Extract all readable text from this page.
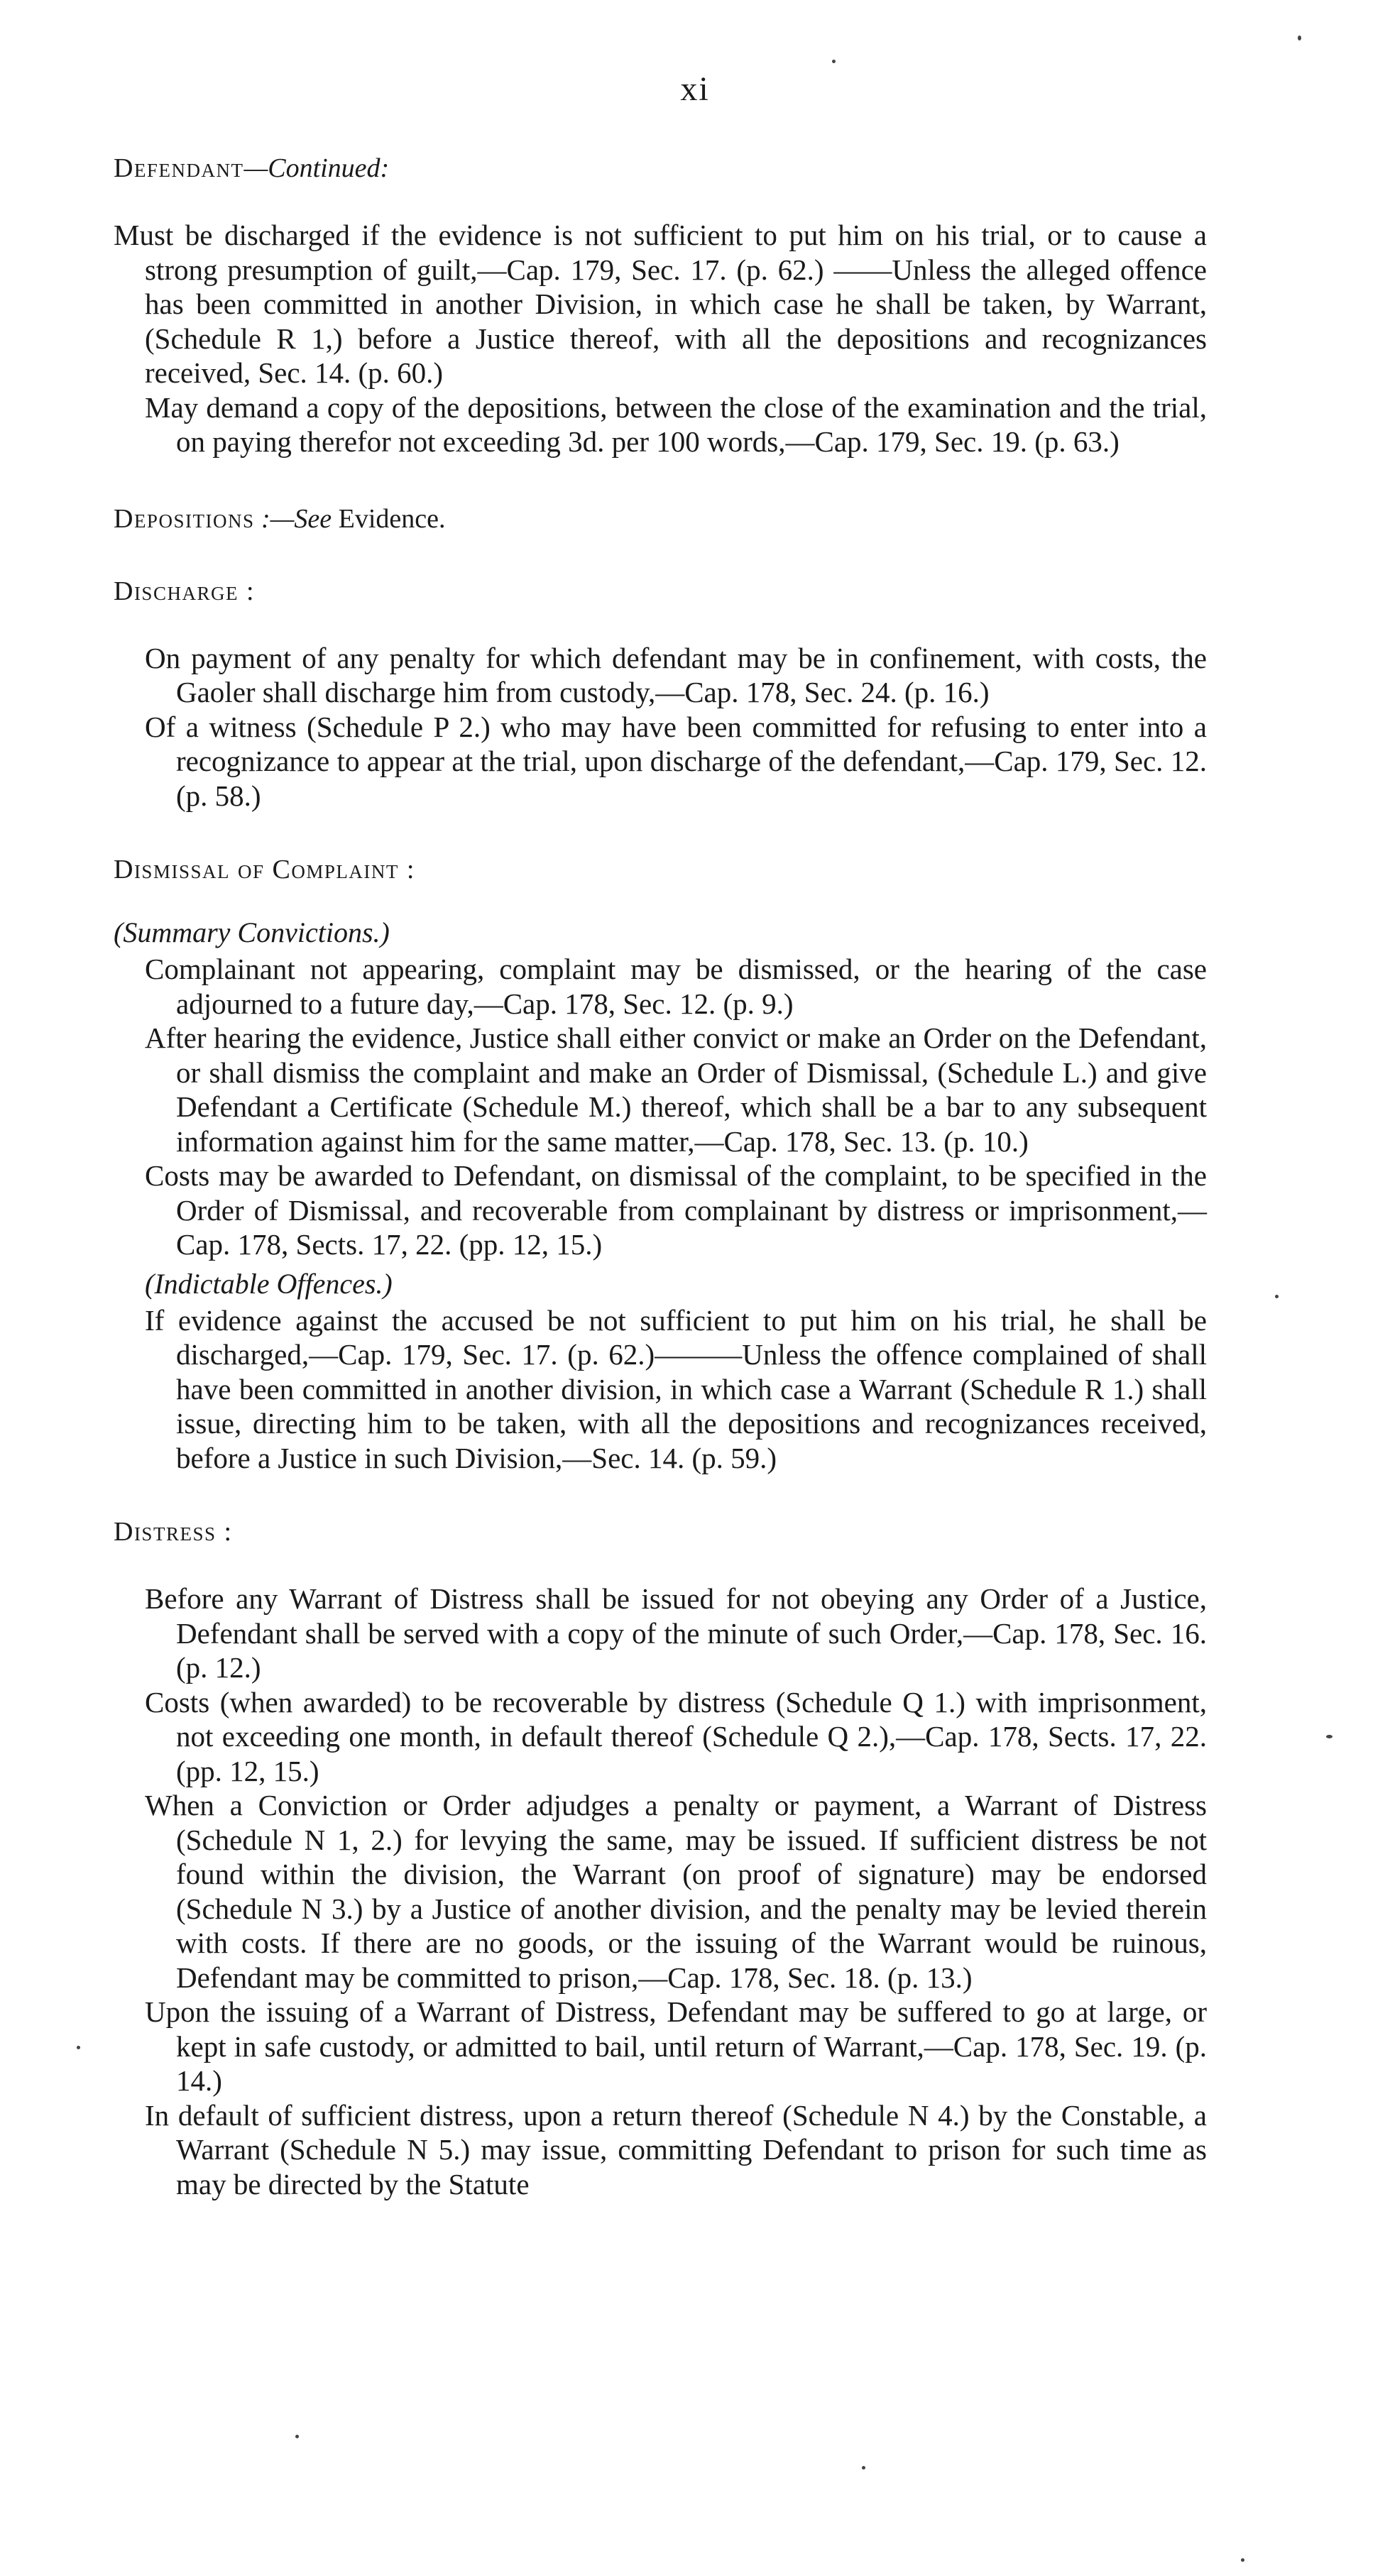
xi
Defendant—Continued:

Must be discharged if the evidence is not sufficient to put him on his trial, or to cause a strong presumption of guilt,—Cap. 179, Sec. 17. (p. 62.) ——Unless the alleged offence has been committed in another Division, in which case he shall be taken, by Warrant, (Schedule R 1,) before a Justice thereof, with all the depositions and recognizances received, Sec. 14. (p. 60.)

May demand a copy of the depositions, between the close of the examination and the trial, on paying therefor not exceeding 3d. per 100 words,—Cap. 179, Sec. 19. (p. 63.)

Depositions :—See Evidence.
Discharge :

On payment of any penalty for which defendant may be in confinement, with costs, the Gaoler shall discharge him from custody,—Cap. 178, Sec. 24. (p. 16.)

Of a witness (Schedule P 2.) who may have been committed for refusing to enter into a recognizance to appear at the trial, upon discharge of the defendant,—Cap. 179, Sec. 12. (p. 58.)

Dismissal of Complaint :
(Summary Convictions.)

Complainant not appearing, complaint may be dismissed, or the hearing of the case adjourned to a future day,—Cap. 178, Sec. 12. (p. 9.)

After hearing the evidence, Justice shall either convict or make an Order on the Defendant, or shall dismiss the complaint and make an Order of Dismissal, (Schedule L.) and give Defendant a Certificate (Schedule M.) thereof, which shall be a bar to any subsequent information against him for the same matter,—Cap. 178, Sec. 13. (p. 10.)

Costs may be awarded to Defendant, on dismissal of the complaint, to be specified in the Order of Dismissal, and recoverable from complainant by distress or imprisonment,—Cap. 178, Sects. 17, 22. (pp. 12, 15.)

(Indictable Offences.)

If evidence against the accused be not sufficient to put him on his trial, he shall be discharged,—Cap. 179, Sec. 17. (p. 62.)———Unless the offence complained of shall have been committed in another division, in which case a Warrant (Schedule R 1.) shall issue, directing him to be taken, with all the depositions and recognizances received, before a Justice in such Division,—Sec. 14. (p. 59.)

Distress :

Before any Warrant of Distress shall be issued for not obeying any Order of a Justice, Defendant shall be served with a copy of the minute of such Order,—Cap. 178, Sec. 16. (p. 12.)

Costs (when awarded) to be recoverable by distress (Schedule Q 1.) with imprisonment, not exceeding one month, in default thereof (Schedule Q 2.),—Cap. 178, Sects. 17, 22. (pp. 12, 15.)

When a Conviction or Order adjudges a penalty or payment, a Warrant of Distress (Schedule N 1, 2.) for levying the same, may be issued. If sufficient distress be not found within the division, the Warrant (on proof of signature) may be endorsed (Schedule N 3.) by a Justice of another division, and the penalty may be levied therein with costs. If there are no goods, or the issuing of the Warrant would be ruinous, Defendant may be committed to prison,—Cap. 178, Sec. 18. (p. 13.)

Upon the issuing of a Warrant of Distress, Defendant may be suffered to go at large, or kept in safe custody, or admitted to bail, until return of Warrant,—Cap. 178, Sec. 19. (p. 14.)

In default of sufficient distress, upon a return thereof (Schedule N 4.) by the Constable, a Warrant (Schedule N 5.) may issue, committing Defendant to prison for such time as may be directed by the Statute
